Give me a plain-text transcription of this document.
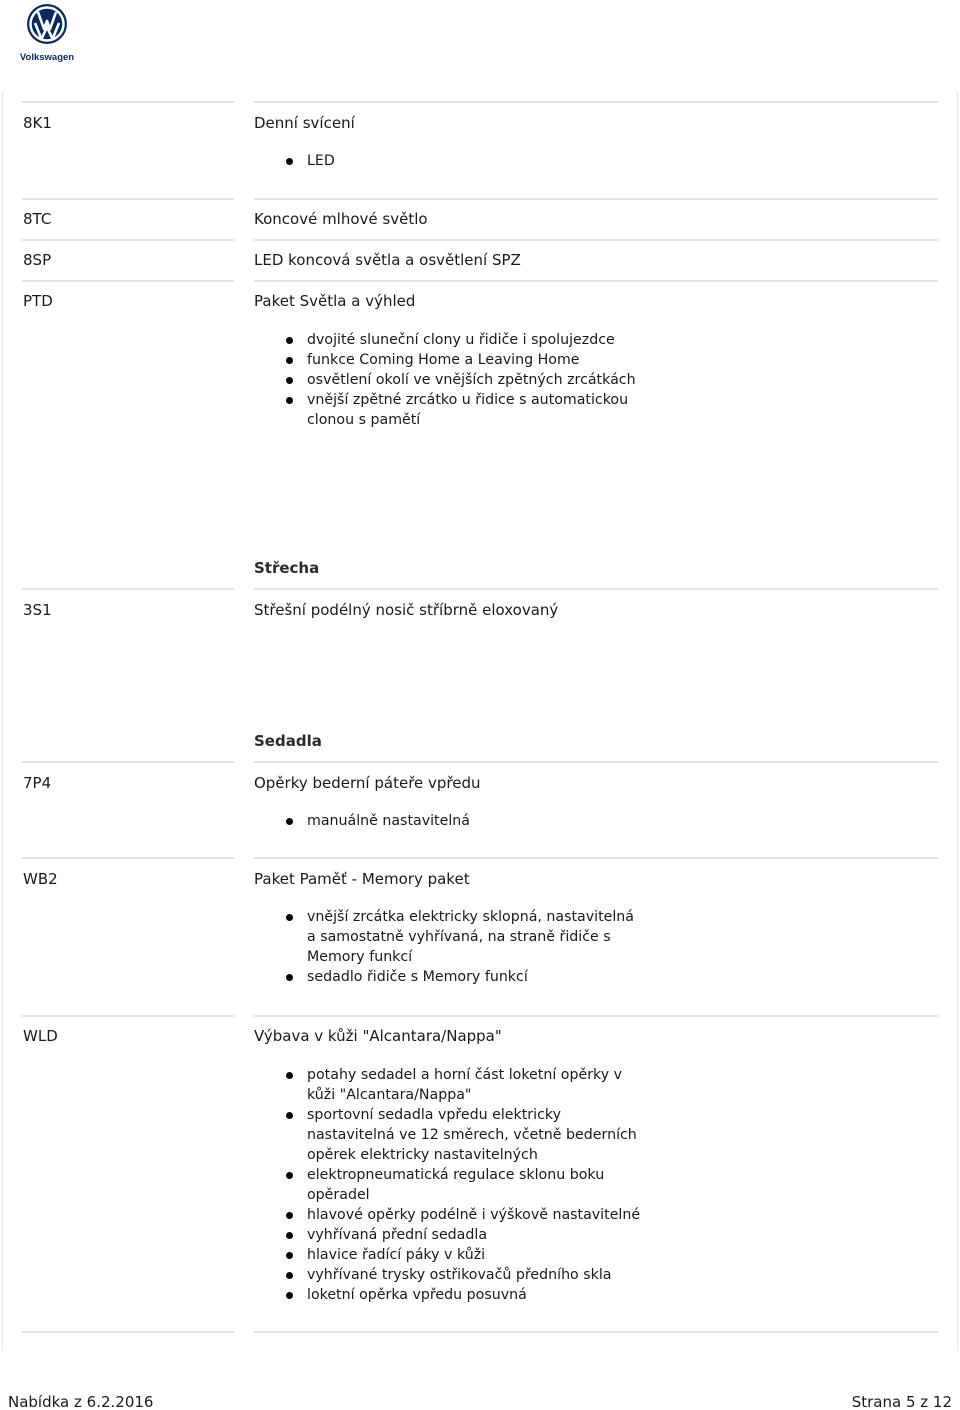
Volkswagen
8K1	Denní svícení
LED
8TC	Koncové mlhové světlo
8SP	LED koncová světla a osvětlení SPZ
PTD	Paket Světla a výhled
dvojité sluneční clony u řidiče i spolujezdce
funkce Coming Home a Leaving Home
osvětlení okolí ve vnějších zpětných zrcátkách
vnější zpětné zrcátko u řidice s automatickou clonou s pamětí
Střecha
3S1	Střešní podélný nosič stříbrně eloxovaný
Sedadla
7P4	Opěrky bederní páteře vpředu
manuálně nastavitelná
WB2	Paket Paměť - Memory paket
vnější zrcátka elektricky sklopná, nastavitelná a samostatně vyhřívaná, na straně řidiče s Memory funkcí
sedadlo řidiče s Memory funkcí
WLD	Výbava v kůži "Alcantara/Nappa"
potahy sedadel a horní část loketní opěrky v kůži "Alcantara/Nappa"
sportovní sedadla vpředu elektricky nastavitelná ve 12 směrech, včetně bederních opěrek elektricky nastavitelných
elektropneumatická regulace sklonu boku opěradel
hlavové opěrky podélně i výškově nastavitelné
vyhřívaná přední sedadla
hlavice řadící páky v kůži
vyhřívané trysky ostřikovačů předního skla
loketní opěrka vpředu posuvná
Nabídka z 6.2.2016	Strana 5 z 12
